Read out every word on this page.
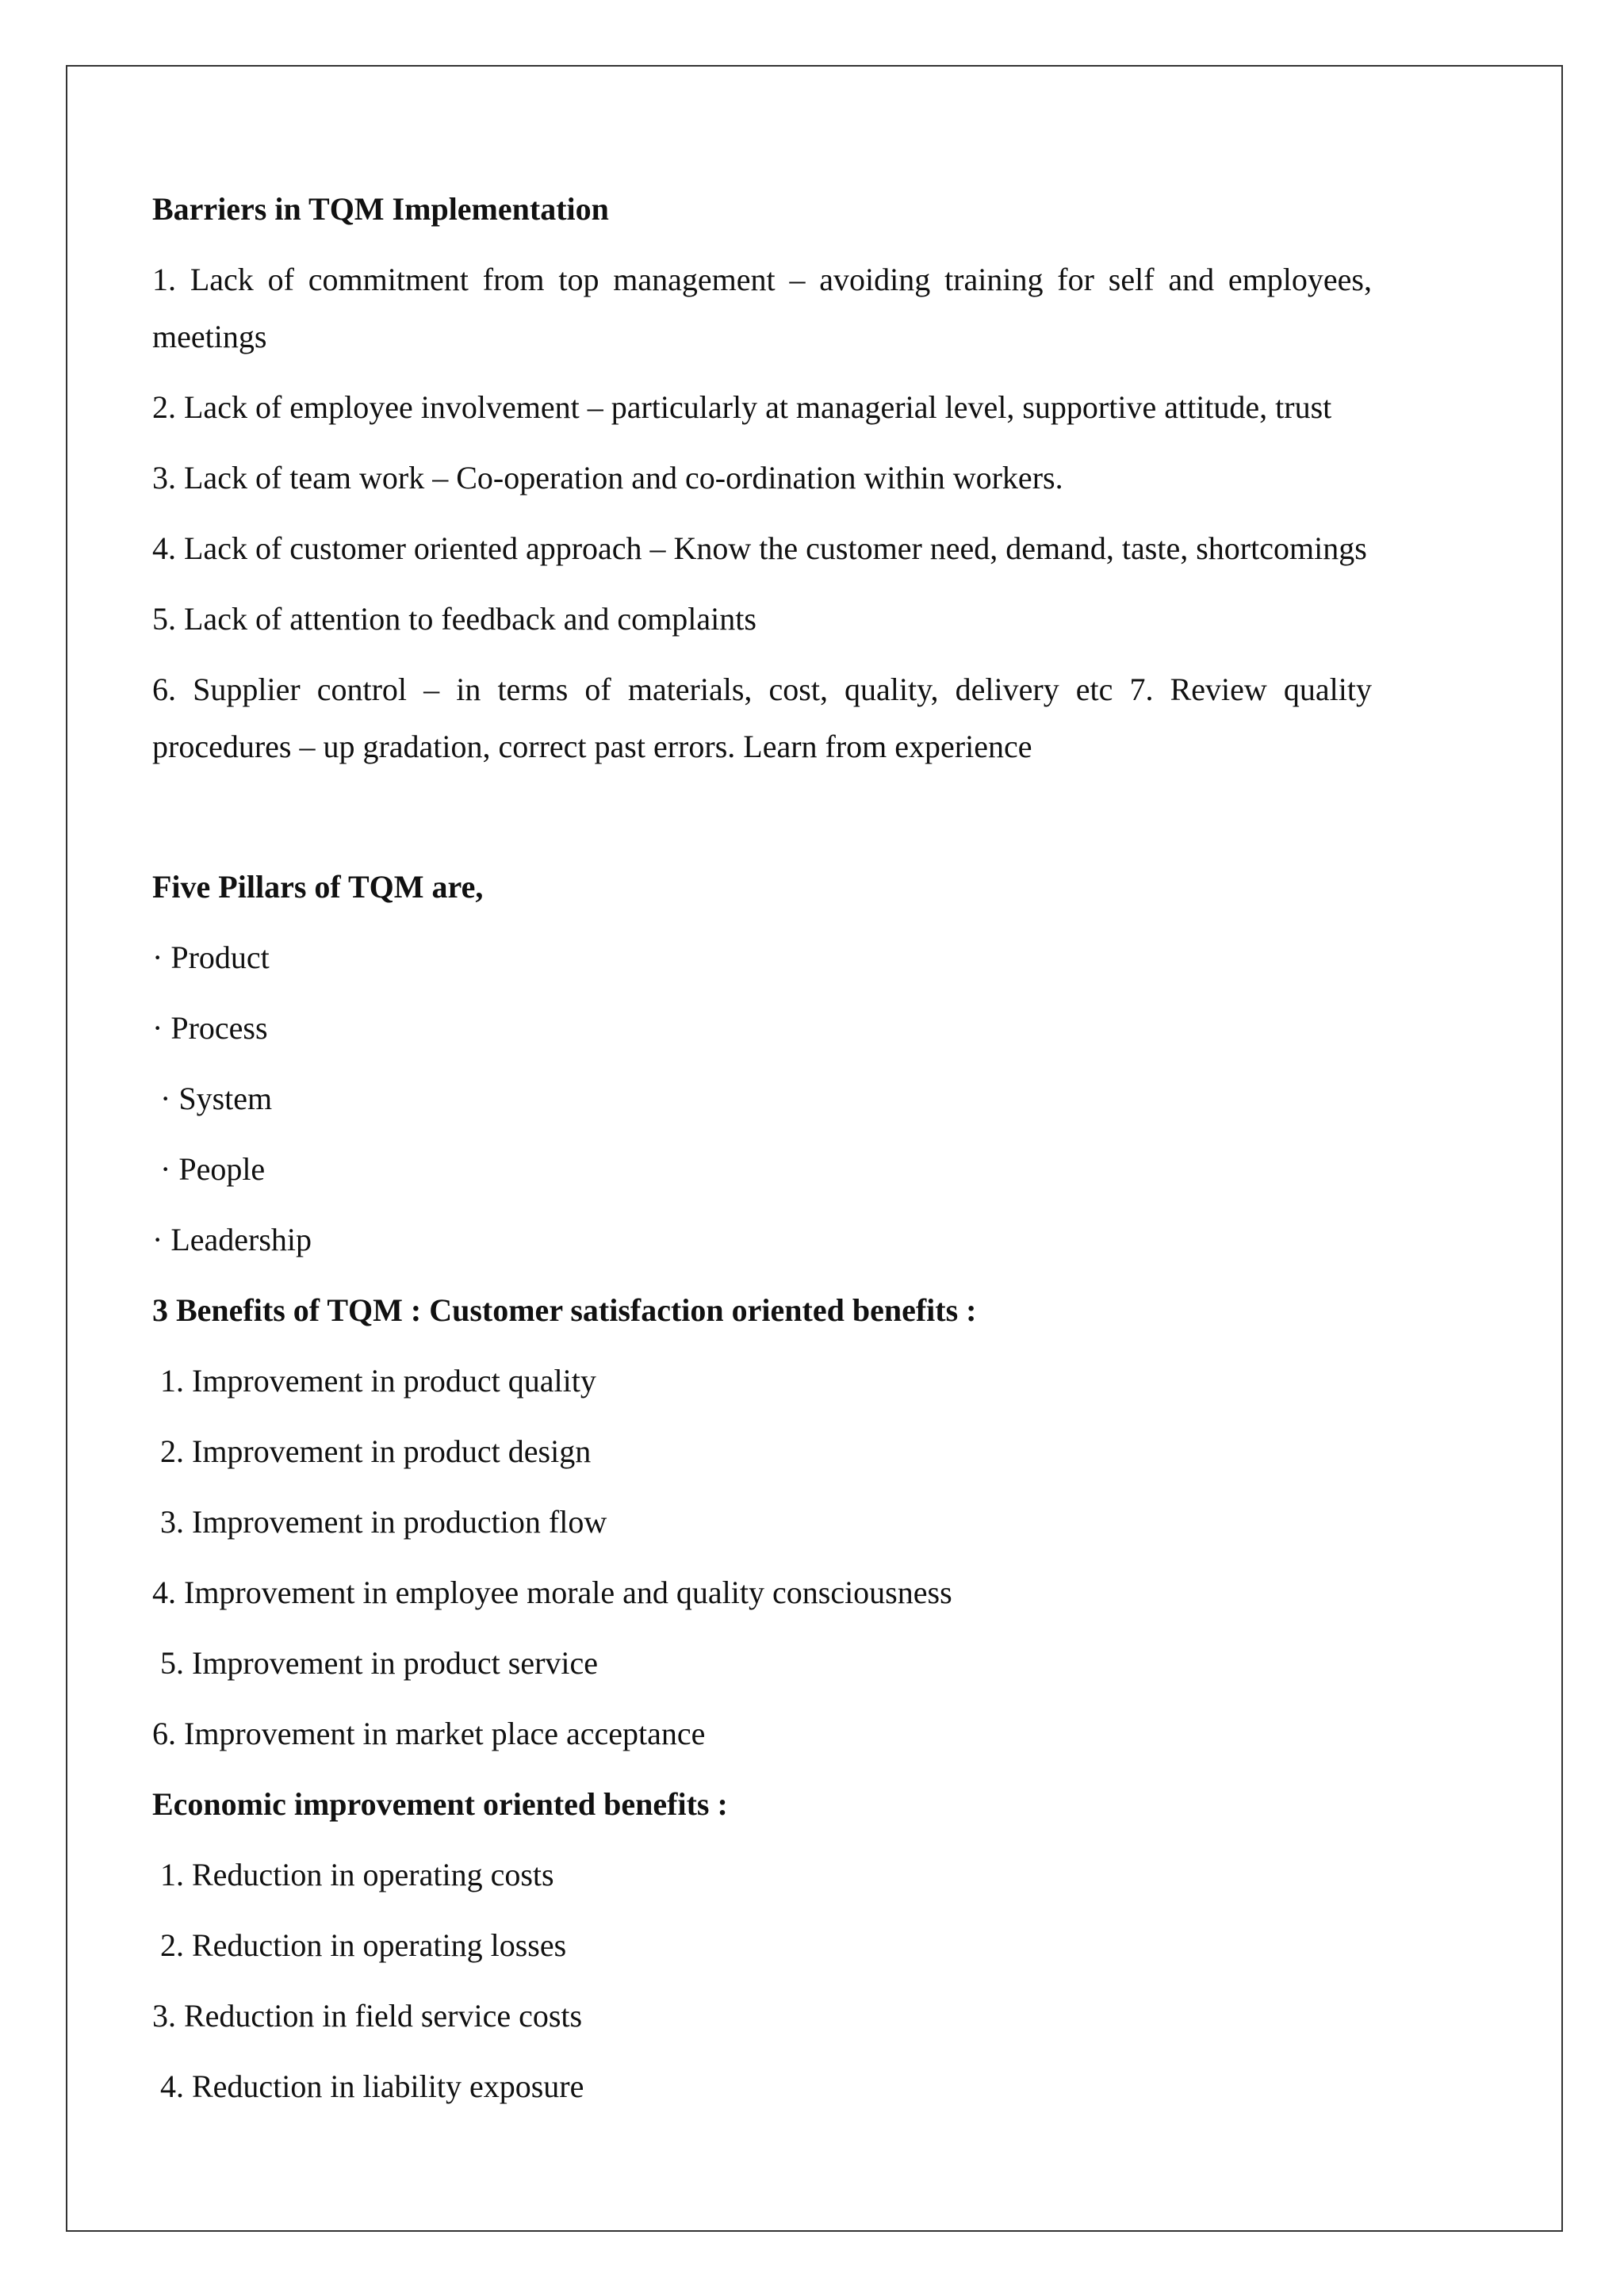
Barriers in TQM Implementation
1. Lack of commitment from top management – avoiding training for self and employees, meetings
2. Lack of employee involvement – particularly at managerial level, supportive attitude, trust
3. Lack of team work – Co-operation and co-ordination within workers.
4. Lack of customer oriented approach – Know the customer need, demand, taste, shortcomings
5. Lack of attention to feedback and complaints
6. Supplier control – in terms of materials, cost, quality, delivery etc 7. Review quality procedures – up gradation, correct past errors. Learn from experience
Five Pillars of TQM are,
· Product
· Process
· System
· People
· Leadership
3 Benefits of TQM : Customer satisfaction oriented benefits :
1. Improvement in product quality
2. Improvement in product design
3. Improvement in production flow
4. Improvement in employee morale and quality consciousness
5. Improvement in product service
6. Improvement in market place acceptance
Economic improvement oriented benefits :
1. Reduction in operating costs
2. Reduction in operating losses
3. Reduction in field service costs
4. Reduction in liability exposure
